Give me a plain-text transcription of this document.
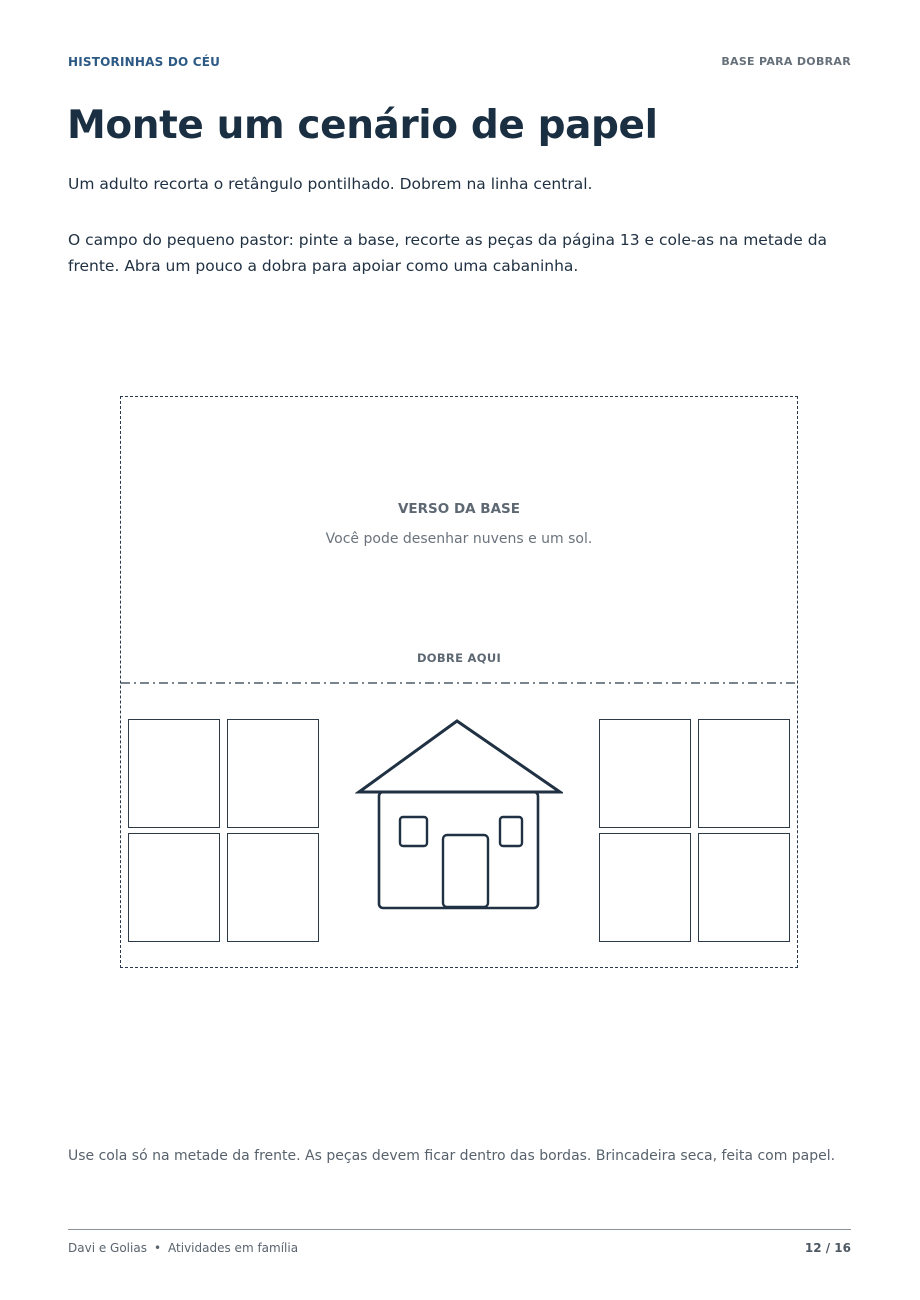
HISTORINHAS DO CÉU	BASE PARA DOBRAR
Monte um cenário de papel

Um adulto recorta o retângulo pontilhado. Dobrem na linha central.

O campo do pequeno pastor: pinte a base, recorte as peças da página 13 e cole-as na metade da frente. Abra um pouco a dobra para apoiar como uma cabaninha.

VERSO DA BASE
Você pode desenhar nuvens e um sol.
DOBRE AQUI

Use cola só na metade da frente. As peças devem ficar dentro das bordas. Brincadeira seca, feita com papel.

Davi e Golias • Atividades em família	12 / 16
